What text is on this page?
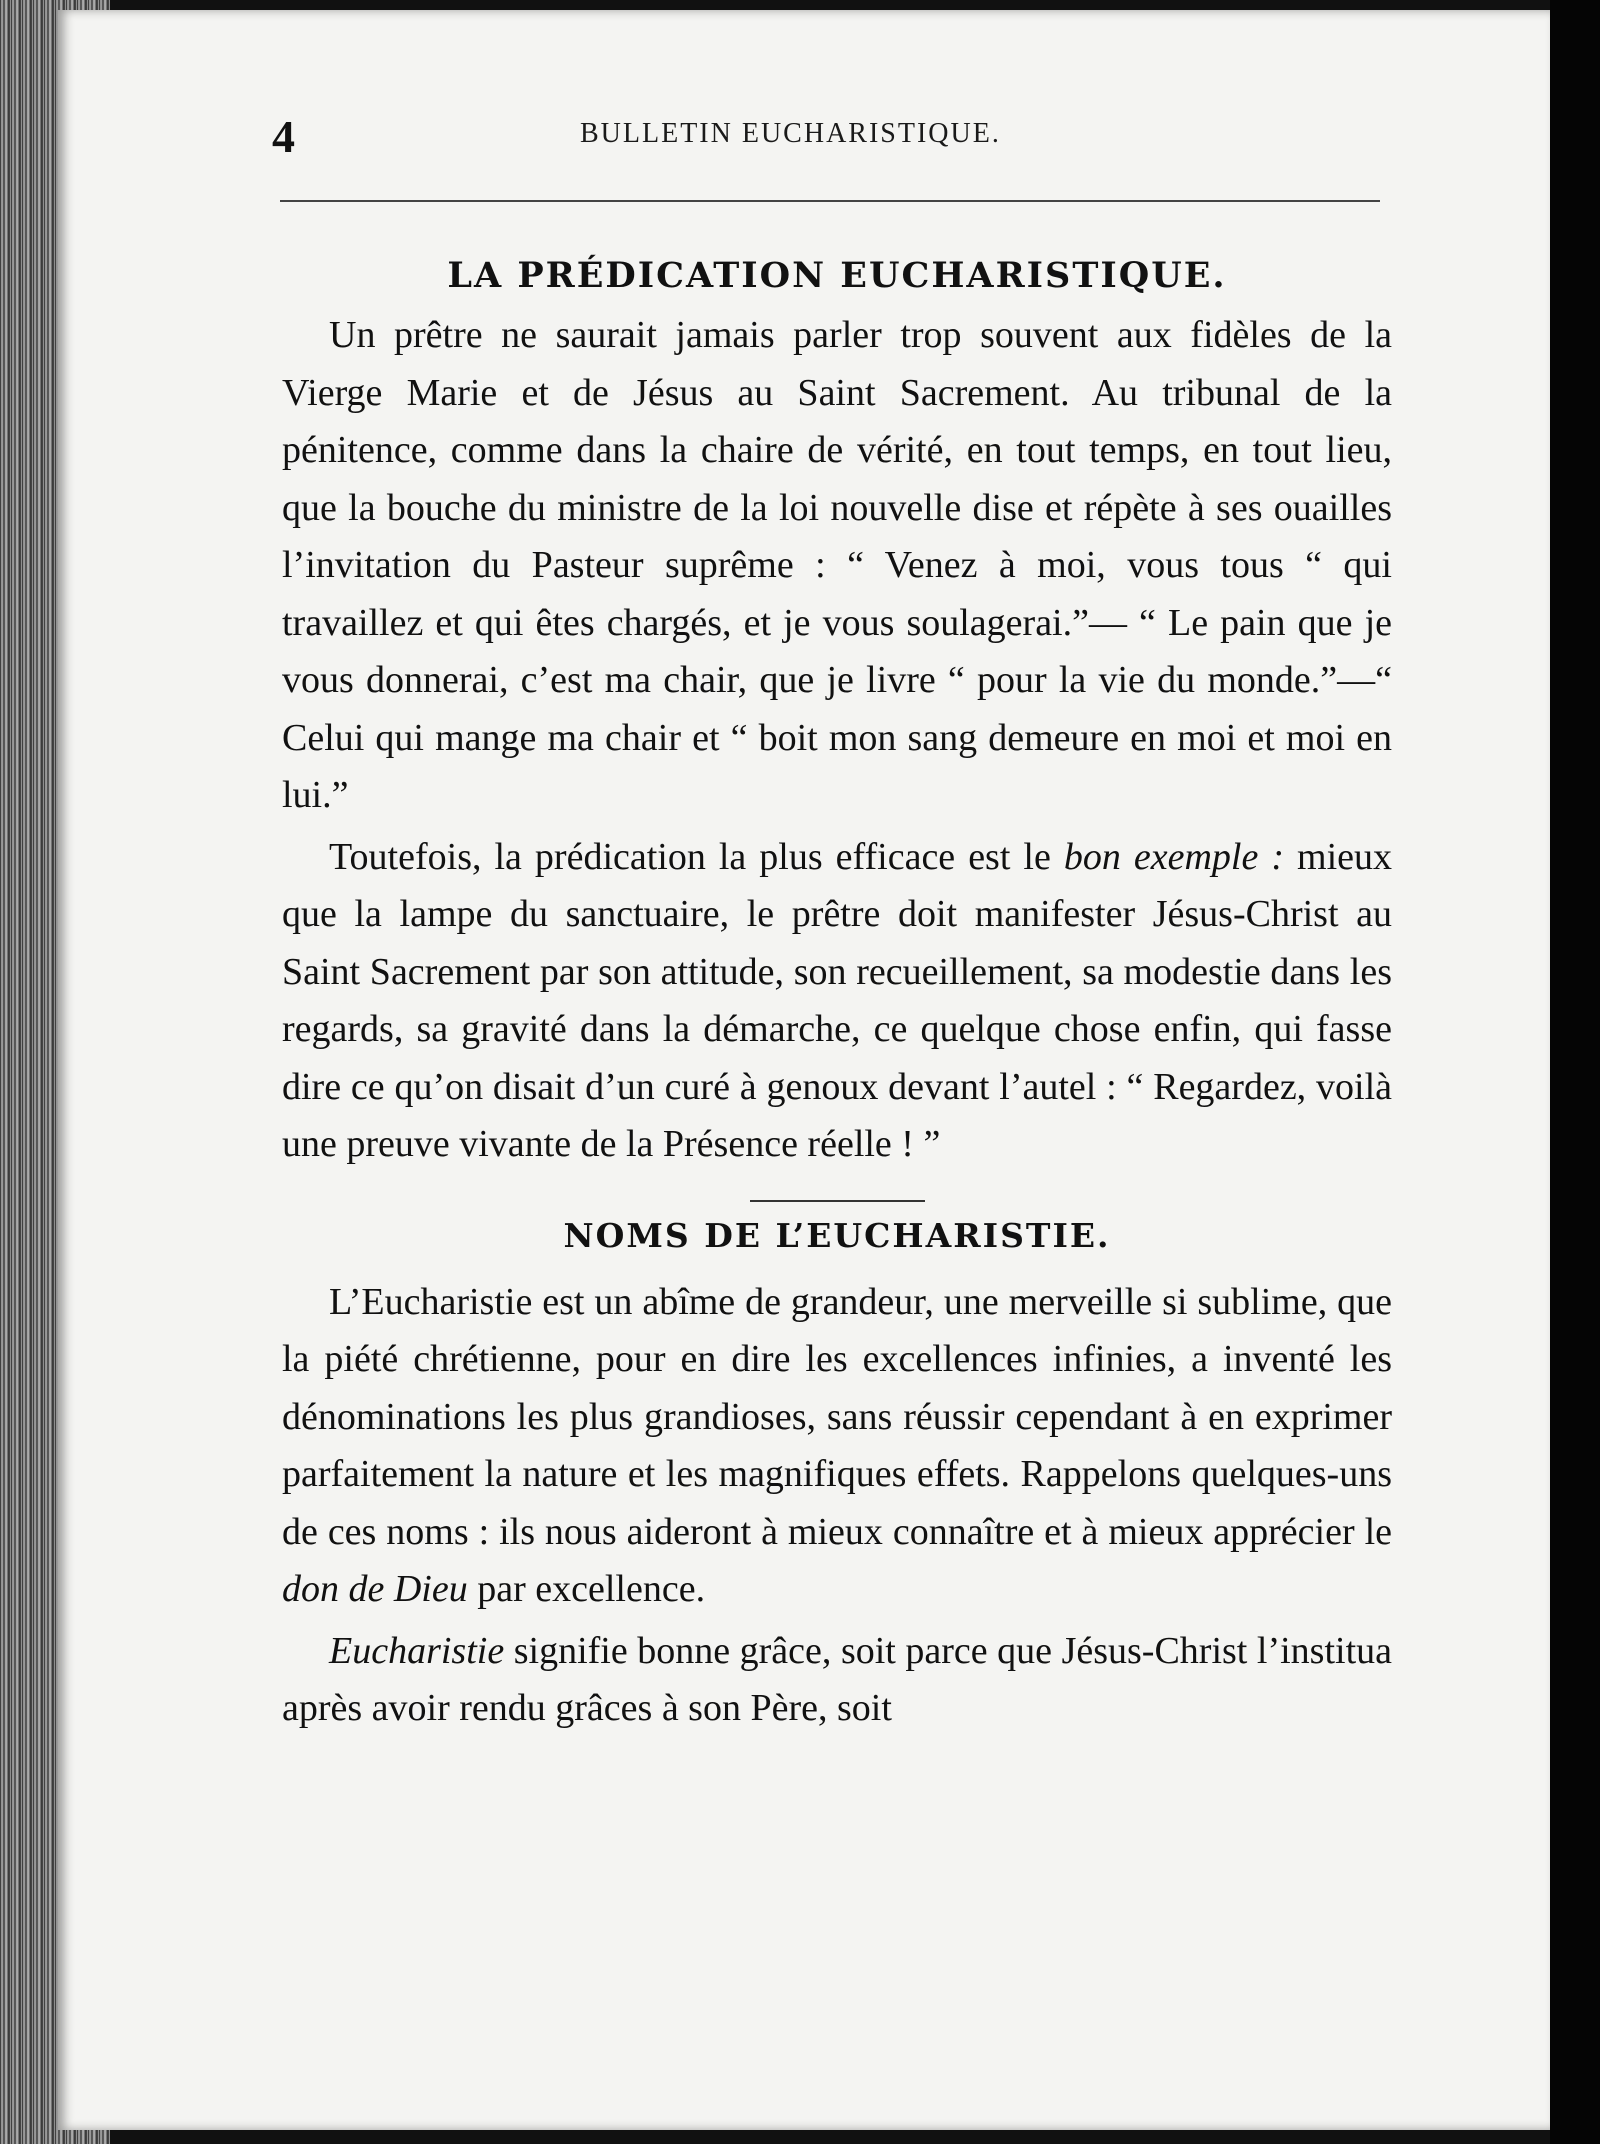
4	BULLETIN EUCHARISTIQUE.
LA PRÉDICATION EUCHARISTIQUE.

Un prêtre ne saurait jamais parler trop souvent aux fidèles de la Vierge Marie et de Jésus au Saint Sacrement. Au tribunal de la pénitence, comme dans la chaire de vérité, en tout temps, en tout lieu, que la bouche du ministre de la loi nouvelle dise et répète à ses ouailles l’invitation du Pasteur suprême : “ Venez à moi, vous tous “ qui travaillez et qui êtes chargés, et je vous soulagerai.”— “ Le pain que je vous donnerai, c’est ma chair, que je livre “ pour la vie du monde.”—“ Celui qui mange ma chair et “ boit mon sang demeure en moi et moi en lui.”

Toutefois, la prédication la plus efficace est le bon exemple : mieux que la lampe du sanctuaire, le prêtre doit manifester Jésus-Christ au Saint Sacrement par son attitude, son recueillement, sa modestie dans les regards, sa gravité dans la démarche, ce quelque chose enfin, qui fasse dire ce qu’on disait d’un curé à genoux devant l’autel : “ Regardez, voilà une preuve vivante de la Présence réelle ! ”

NOMS DE L’EUCHARISTIE.

L’Eucharistie est un abîme de grandeur, une merveille si sublime, que la piété chrétienne, pour en dire les excellences infinies, a inventé les dénominations les plus grandioses, sans réussir cependant à en exprimer parfaitement la nature et les magnifiques effets. Rappelons quelques-uns de ces noms : ils nous aideront à mieux connaître et à mieux apprécier le don de Dieu par excellence.

Eucharistie signifie bonne grâce, soit parce que Jésus-Christ l’institua après avoir rendu grâces à son Père, soit
